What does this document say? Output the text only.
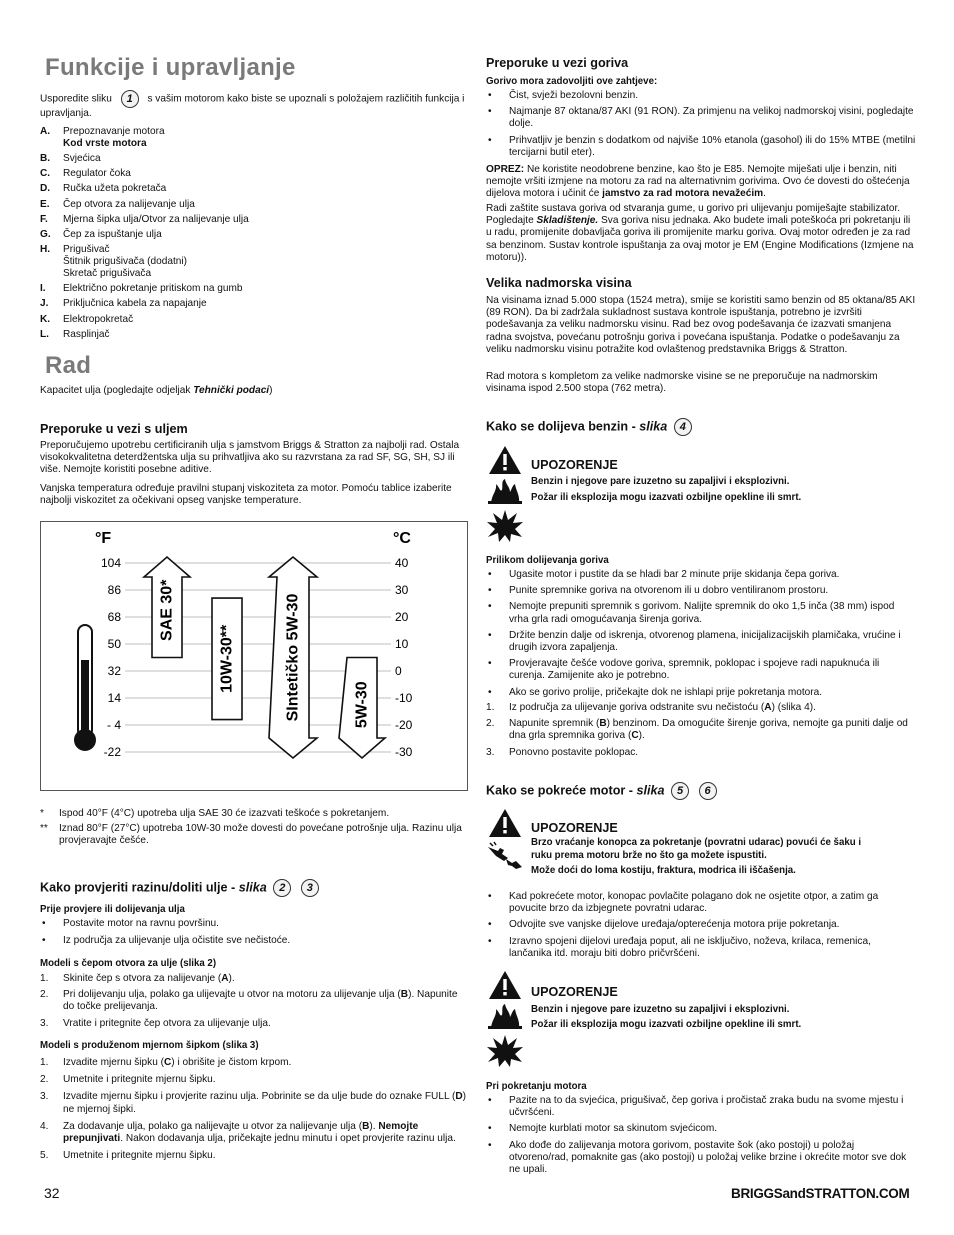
Funkcije i upravljanje
Usporedite sliku 1 s vašim motorom kako biste se upoznali s položajem različitih funkcija i upravljanja.
A. Prepoznavanje motora
Kod vrste motora
B. Svjećica
C. Regulator čoka
D. Ručka užeta pokretača
E. Čep otvora za nalijevanje ulja
F. Mjerna šipka ulja/Otvor za nalijevanje ulja
G. Čep za ispuštanje ulja
H. Prigušivač
Štitnik prigušivača (dodatni)
Skretač prigušivača
I. Električno pokretanje pritiskom na gumb
J. Priključnica kabela za napajanje
K. Elektropokretač
L. Rasplinjač
Rad
Kapacitet ulja (pogledajte odjeljak Tehnički podaci)
Preporuke u vezi s uljem

Preporučujemo upotrebu certificiranih ulja s jamstvom Briggs & Stratton za najbolji rad. Ostala visokokvalitetna deterdžentska ulja su prihvatljiva ako su razvrstana za rad SF, SG, SH, SJ ili više. Nemojte koristiti posebne aditive.

Vanjska temperatura određuje pravilni stupanj viskoziteta za motor. Pomoću tablice izaberite najbolji viskozitet za očekivani opseg vanjske temperature.

* Ispod 40°F (4°C) upotreba ulja SAE 30 će izazvati teškoće s pokretanjem.
** Iznad 80°F (27°C) upotreba 10W-30 može dovesti do povećane potrošnje ulja. Razinu ulja provjeravajte češće.
Kako provjeriti razinu/doliti ulje - slika 2 3
Prije provjere ili dolijevanja ulja
• Postavite motor na ravnu površinu.
• Iz područja za ulijevanje ulja očistite sve nečistoće.
Modeli s čepom otvora za ulje (slika 2)
1. Skinite čep s otvora za nalijevanje (A).
2. Pri dolijevanju ulja, polako ga ulijevajte u otvor na motoru za ulijevanje ulja (B). Napunite do točke prelijevanja.
3. Vratite i pritegnite čep otvora za ulijevanje ulja.
Modeli s produženom mjernom šipkom (slika 3)
1. Izvadite mjernu šipku (C) i obrišite je čistom krpom.
2. Umetnite i pritegnite mjernu šipku.
3. Izvadite mjernu šipku i provjerite razinu ulja. Pobrinite se da ulje bude do oznake FULL (D) ne mjernoj šipki.
4. Za dodavanje ulja, polako ga nalijevajte u otvor za nalijevanje ulja (B). Nemojte prepunjivati. Nakon dodavanja ulja, pričekajte jednu minutu i opet provjerite razinu ulja.
5. Umetnite i pritegnite mjernu šipku.
104
86
68
50
32
14
- 4
-22
40
30
20
10
0
-10
-20
-30
°F	°C
SAE 30*
10W-30**	SIntetičko 5W-30	5W-30
Preporuke u vezi goriva
Gorivo mora zadovoljiti ove zahtjeve:
• Čist, svježi bezolovni benzin.
• Najmanje 87 oktana/87 AKI (91 RON). Za primjenu na velikoj nadmorskoj visini, pogledajte dolje.
• Prihvatljiv je benzin s dodatkom od najviše 10% etanola (gasohol) ili do 15% MTBE (metilni tercijarni butil eter).

OPREZ: Ne koristite neodobrene benzine, kao što je E85. Nemojte miješati ulje i benzin, niti nemojte vršiti izmjene na motoru za rad na alternativnim gorivima. Ovo će dovesti do oštećenja dijelova motora i učinit će jamstvo za rad motora nevažećim.

Radi zaštite sustava goriva od stvaranja gume, u gorivo pri ulijevanju pomiješajte stabilizator. Pogledajte Skladištenje. Sva goriva nisu jednaka. Ako budete imali poteškoća pri pokretanju ili u radu, promijenite dobavljača goriva ili promijenite marku goriva. Ovaj motor određen je za rad sa benzinom. Sustav kontrole ispuštanja za ovaj motor je EM (Engine Modifications (Izmjene na motoru)).

Velika nadmorska visina

Na visinama iznad 5.000 stopa (1524 metra), smije se koristiti samo benzin od 85 oktana/85 AKI (89 RON). Da bi zadržala sukladnost sustava kontrole ispuštanja, potrebno je izvršiti podešavanja za veliku nadmorsku visinu. Rad bez ovog podešavanja će izazvati smanjena radna svojstva, povećanu potrošnju goriva i povećana ispuštanja. Podatke o podešavanju za veliku nadmorsku visinu potražite kod ovlaštenog predstavnika Briggs & Stratton.

Rad motora s kompletom za velike nadmorske visine se ne preporučuje na nadmorskim visinama ispod 2.500 stopa (762 metra).

Kako se dolijeva benzin - slika 4
UPOZORENJE
Benzin i njegove pare izuzetno su zapaljivi i eksplozivni.
Požar ili eksplozija mogu izazvati ozbiljne opekline ili smrt.
Prilikom dolijevanja goriva
• Ugasite motor i pustite da se hladi bar 2 minute prije skidanja čepa goriva.
• Punite spremnike goriva na otvorenom ili u dobro ventiliranom prostoru.
• Nemojte prepuniti spremnik s gorivom. Nalijte spremnik do oko 1,5 inča (38 mm) ispod vrha grla radi omogućavanja širenja goriva.
• Držite benzin dalje od iskrenja, otvorenog plamena, inicijalizacijskih plamičaka, vrućine i drugih izvora zapaljenja.
• Provjeravajte češće vodove goriva, spremnik, poklopac i spojeve radi napuknuća ili curenja. Zamijenite ako je potrebno.
• Ako se gorivo prolije, pričekajte dok ne ishlapi prije pokretanja motora.
1. Iz područja za ulijevanje goriva odstranite svu nečistoću (A) (slika 4).
2. Napunite spremnik (B) benzinom. Da omogućite širenje goriva, nemojte ga puniti dalje od dna grla spremnika goriva (C).
3. Ponovno postavite poklopac.
Kako se pokreće motor - slika 5 6
UPOZORENJE
Brzo vraćanje konopca za pokretanje (povratni udarac) povući će šaku i ruku prema motoru brže no što ga možete ispustiti.
Može doći do loma kostiju, fraktura, modrica ili iščašenja.
• Kad pokrećete motor, konopac povlačite polagano dok ne osjetite otpor, a zatim ga povucite brzo da izbjegnete povratni udarac.
• Odvojite sve vanjske dijelove uređaja/opterećenja motora prije pokretanja.
• Izravno spojeni dijelovi uređaja poput, ali ne isključivo, noževa, krilaca, remenica, lančanika itd. moraju biti dobro pričvršćeni.
UPOZORENJE
Benzin i njegove pare izuzetno su zapaljivi i eksplozivni.
Požar ili eksplozija mogu izazvati ozbiljne opekline ili smrt.
Pri pokretanju motora
• Pazite na to da svjećica, prigušivač, čep goriva i pročistač zraka budu na svome mjestu i učvršćeni.
• Nemojte kurblati motor sa skinutom svjećicom.
• Ako dođe do zalijevanja motora gorivom, postavite šok (ako postoji) u položaj otvoreno/rad, pomaknite gas (ako postoji) u položaj velike brzine i okrećite motor sve dok ne upali.
32	BRIGGSandSTRATTON.COM
